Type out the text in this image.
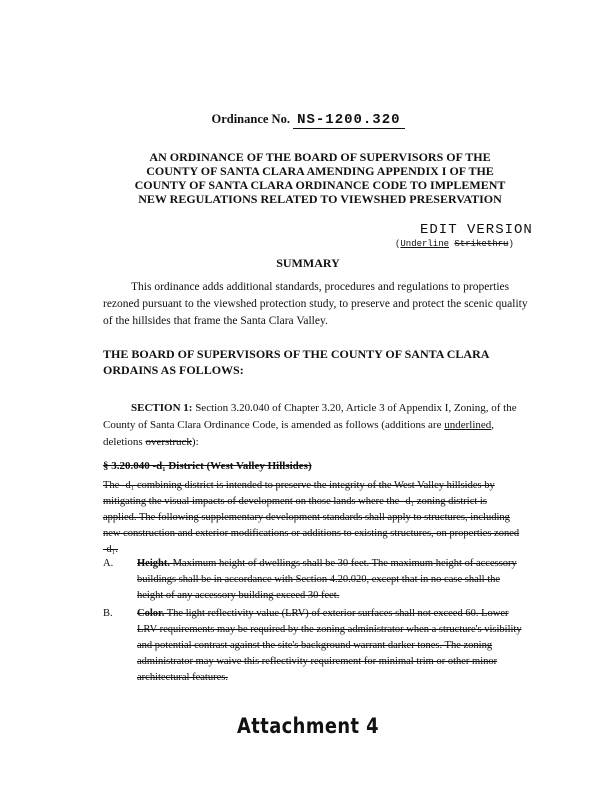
Ordinance No. NS-1200.320
AN ORDINANCE OF THE BOARD OF SUPERVISORS OF THE COUNTY OF SANTA CLARA AMENDING APPENDIX I OF THE COUNTY OF SANTA CLARA ORDINANCE CODE TO IMPLEMENT NEW REGULATIONS RELATED TO VIEWSHED PRESERVATION
EDIT VERSION
(Underline Strikethru)
SUMMARY
This ordinance adds additional standards, procedures and regulations to properties rezoned pursuant to the viewshed protection study, to preserve and protect the scenic quality of the hillsides that frame the Santa Clara Valley.
THE BOARD OF SUPERVISORS OF THE COUNTY OF SANTA CLARA ORDAINS AS FOLLOWS:
SECTION 1: Section 3.20.040 of Chapter 3.20, Article 3 of Appendix I, Zoning, of the County of Santa Clara Ordinance Code, is amended as follows (additions are underlined, deletions overstruck):
§ 3.20.040 -d₁ District (West Valley Hillsides)
The -d₁ combining district is intended to preserve the integrity of the West Valley hillsides by mitigating the visual impacts of development on those lands where the -d₁ zoning district is applied. The following supplementary development standards shall apply to structures, including new construction and exterior modifications or additions to existing structures, on properties zoned -d₁.
A.	Height. Maximum height of dwellings shall be 30 feet. The maximum height of accessory buildings shall be in accordance with Section 4.20.020, except that in no case shall the height of any accessory building exceed 30 feet.
B.	Color. The light reflectivity value (LRV) of exterior surfaces shall not exceed 60. Lower LRV requirements may be required by the zoning administrator when a structure's visibility and potential contrast against the site's background warrant darker tones. The zoning administrator may waive this reflectivity requirement for minimal trim or other minor architectural features.
Attachment 4
